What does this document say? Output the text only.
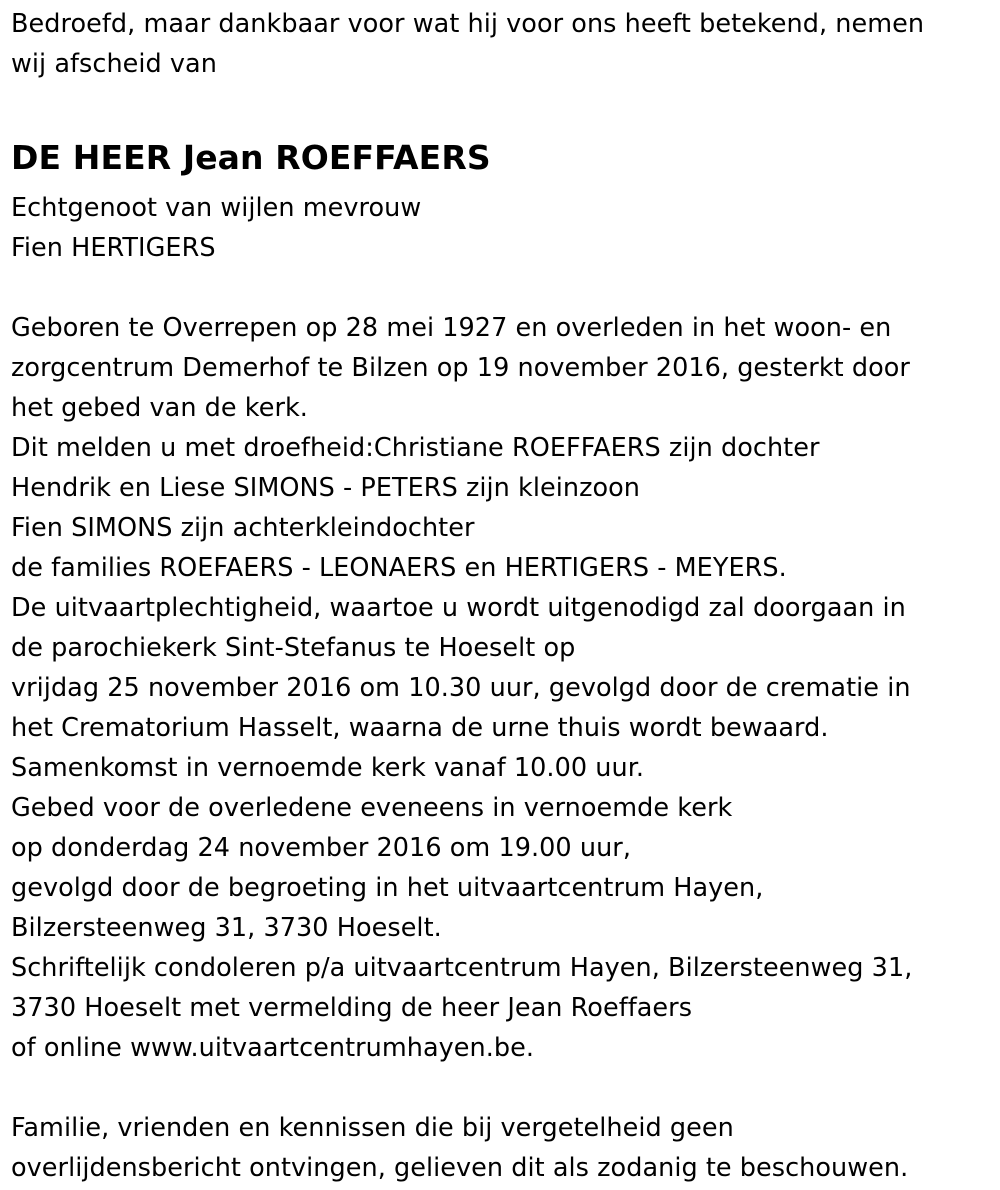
Bedroefd, maar dankbaar voor wat hij voor ons heeft betekend, nemen
wij afscheid van
DE HEER Jean ROEFFAERS
Echtgenoot van wijlen mevrouw
Fien HERTIGERS
Geboren te Overrepen op 28 mei 1927 en overleden in het woon- en
zorgcentrum Demerhof te Bilzen op 19 november 2016, gesterkt door
het gebed van de kerk.
Dit melden u met droefheid:Christiane ROEFFAERS zijn dochter
Hendrik en Liese SIMONS - PETERS zijn kleinzoon
Fien SIMONS zijn achterkleindochter
de families ROEFAERS - LEONAERS en HERTIGERS - MEYERS.
De uitvaartplechtigheid, waartoe u wordt uitgenodigd zal doorgaan in
de parochiekerk Sint-Stefanus te Hoeselt op
vrijdag 25 november 2016 om 10.30 uur, gevolgd door de crematie in
het Crematorium Hasselt, waarna de urne thuis wordt bewaard.
Samenkomst in vernoemde kerk vanaf 10.00 uur.
Gebed voor de overledene eveneens in vernoemde kerk
op donderdag 24 november 2016 om 19.00 uur,
gevolgd door de begroeting in het uitvaartcentrum Hayen,
Bilzersteenweg 31, 3730 Hoeselt.
Schriftelijk condoleren p/a uitvaartcentrum Hayen, Bilzersteenweg 31,
3730 Hoeselt met vermelding de heer Jean Roeffaers
of online www.uitvaartcentrumhayen.be.
Familie, vrienden en kennissen die bij vergetelheid geen
overlijdensbericht ontvingen, gelieven dit als zodanig te beschouwen.
